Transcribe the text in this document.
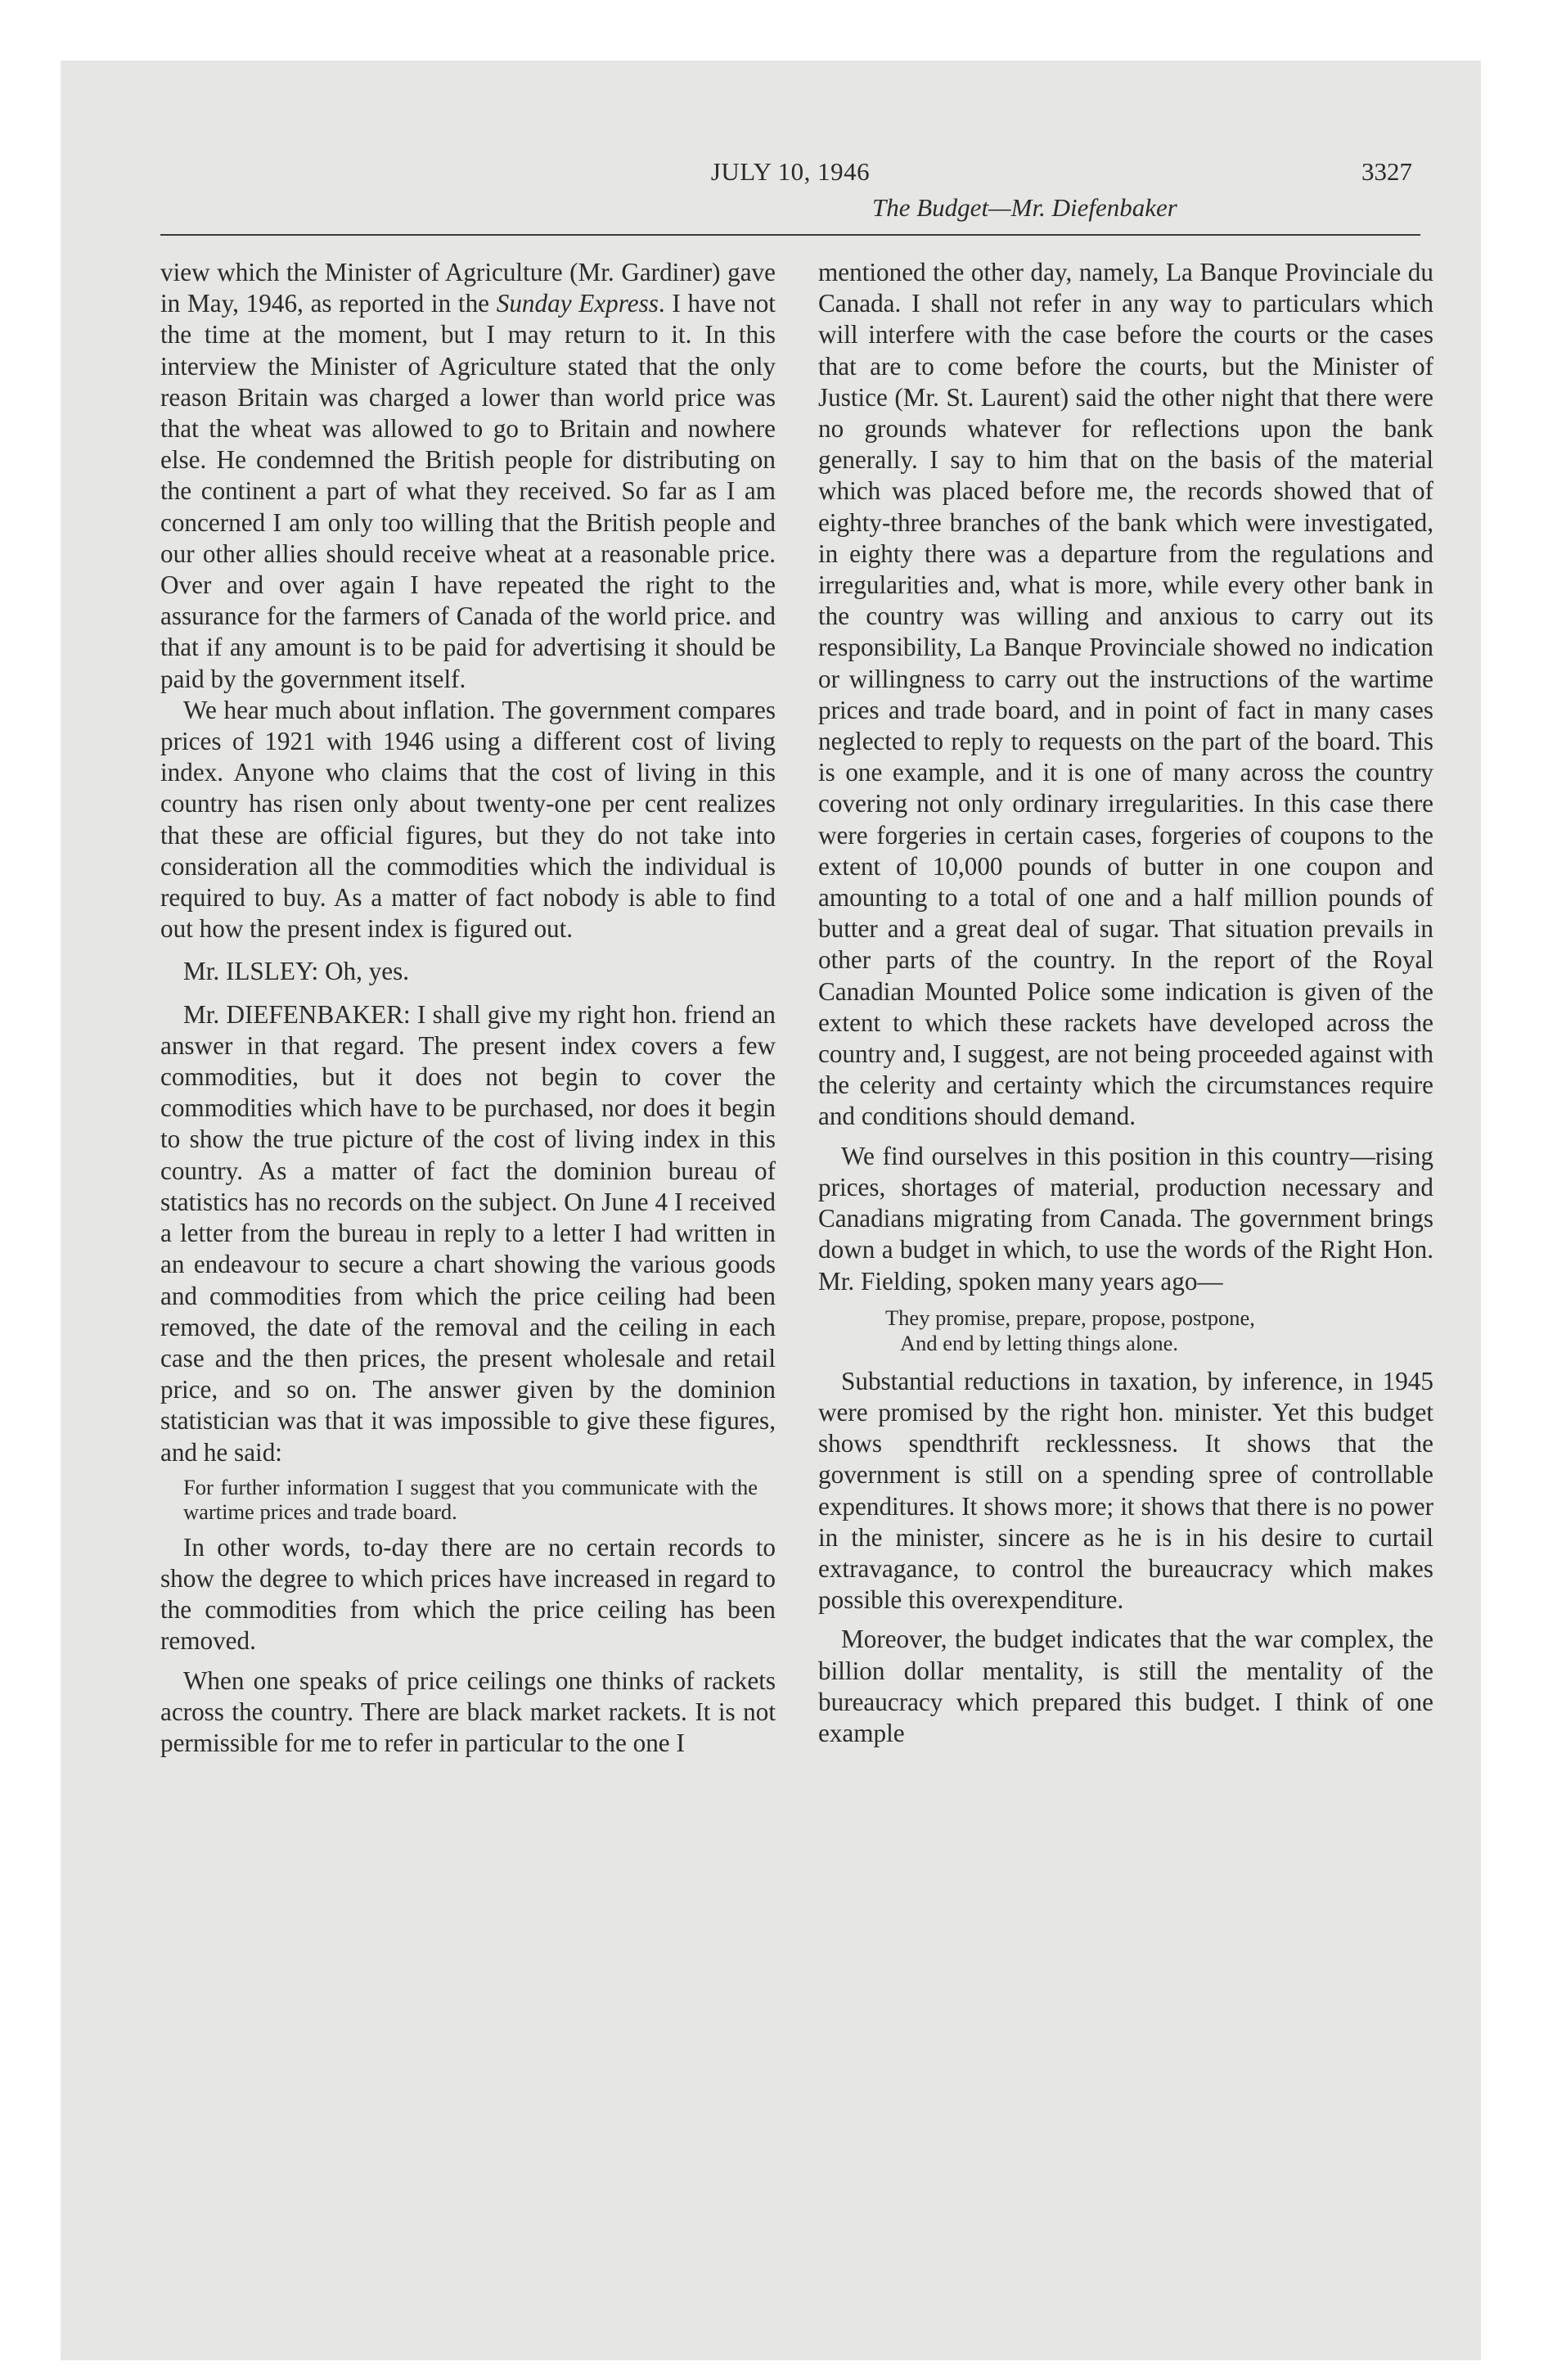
JULY 10, 1946	3327
The Budget—Mr. Diefenbaker

view which the Minister of Agriculture (Mr. Gardiner) gave in May, 1946, as reported in the Sunday Express. I have not the time at the moment, but I may return to it. In this interview the Minister of Agriculture stated that the only reason Britain was charged a lower than world price was that the wheat was allowed to go to Britain and nowhere else. He condemned the British people for distributing on the continent a part of what they received. So far as I am concerned I am only too willing that the British people and our other allies should receive wheat at a reasonable price. Over and over again I have repeated the right to the assurance for the farmers of Canada of the world price. and that if any amount is to be paid for advertising it should be paid by the government itself.

We hear much about inflation. The government compares prices of 1921 with 1946 using a different cost of living index. Anyone who claims that the cost of living in this country has risen only about twenty-one per cent realizes that these are official figures, but they do not take into consideration all the commodities which the individual is required to buy. As a matter of fact nobody is able to find out how the present index is figured out.

Mr. ILSLEY: Oh, yes.

Mr. DIEFENBAKER: I shall give my right hon. friend an answer in that regard. The present index covers a few commodities, but it does not begin to cover the commodities which have to be purchased, nor does it begin to show the true picture of the cost of living index in this country. As a matter of fact the dominion bureau of statistics has no records on the subject. On June 4 I received a letter from the bureau in reply to a letter I had written in an endeavour to secure a chart showing the various goods and commodities from which the price ceiling had been removed, the date of the removal and the ceiling in each case and the then prices, the present wholesale and retail price, and so on. The answer given by the dominion statistician was that it was impossible to give these figures, and he said:

For further information I suggest that you communicate with the wartime prices and trade board.

In other words, to-day there are no certain records to show the degree to which prices have increased in regard to the commodities from which the price ceiling has been removed.

When one speaks of price ceilings one thinks of rackets across the country. There are black market rackets. It is not permissible for me to refer in particular to the one I

mentioned the other day, namely, La Banque Provinciale du Canada. I shall not refer in any way to particulars which will interfere with the case before the courts or the cases that are to come before the courts, but the Minister of Justice (Mr. St. Laurent) said the other night that there were no grounds whatever for reflections upon the bank generally. I say to him that on the basis of the material which was placed before me, the records showed that of eighty-three branches of the bank which were investigated, in eighty there was a departure from the regulations and irregularities and, what is more, while every other bank in the country was willing and anxious to carry out its responsibility, La Banque Provinciale showed no indication or willingness to carry out the instructions of the wartime prices and trade board, and in point of fact in many cases neglected to reply to requests on the part of the board. This is one example, and it is one of many across the country covering not only ordinary irregularities. In this case there were forgeries in certain cases, forgeries of coupons to the extent of 10,000 pounds of butter in one coupon and amounting to a total of one and a half million pounds of butter and a great deal of sugar. That situation prevails in other parts of the country. In the report of the Royal Canadian Mounted Police some indication is given of the extent to which these rackets have developed across the country and, I suggest, are not being proceeded against with the celerity and certainty which the circumstances require and conditions should demand.

We find ourselves in this position in this country—rising prices, shortages of material, production necessary and Canadians migrating from Canada. The government brings down a budget in which, to use the words of the Right Hon. Mr. Fielding, spoken many years ago—

They promise, prepare, propose, postpone,
And end by letting things alone.

Substantial reductions in taxation, by inference, in 1945 were promised by the right hon. minister. Yet this budget shows spendthrift recklessness. It shows that the government is still on a spending spree of controllable expenditures. It shows more; it shows that there is no power in the minister, sincere as he is in his desire to curtail extravagance, to control the bureaucracy which makes possible this overexpenditure.

Moreover, the budget indicates that the war complex, the billion dollar mentality, is still the mentality of the bureaucracy which prepared this budget. I think of one example
